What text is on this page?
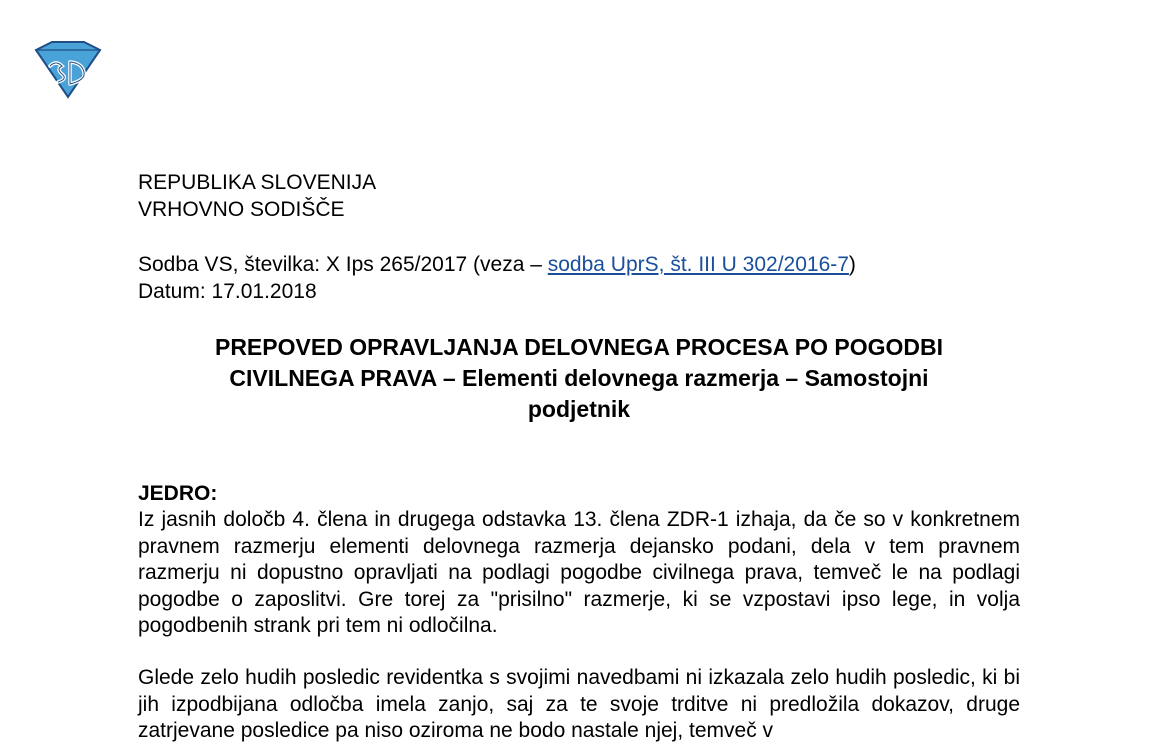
REPUBLIKA SLOVENIJA
VRHOVNO SODIŠČE
Sodba VS, številka: X Ips 265/2017 (veza – sodba UprS, št. III U 302/2016-7)
Datum: 17.01.2018
PREPOVED OPRAVLJANJA DELOVNEGA PROCESA PO POGODBI
CIVILNEGA PRAVA – Elementi delovnega razmerja – Samostojni
podjetnik
JEDRO:
Iz jasnih določb 4. člena in drugega odstavka 13. člena ZDR-1 izhaja, da če so v konkretnem pravnem razmerju elementi delovnega razmerja dejansko podani, dela v tem pravnem razmerju ni dopustno opravljati na podlagi pogodbe civilnega prava, temveč le na podlagi pogodbe o zaposlitvi. Gre torej za "prisilno" razmerje, ki se vzpostavi ipso lege, in volja pogodbenih strank pri tem ni odločilna.
Glede zelo hudih posledic revidentka s svojimi navedbami ni izkazala zelo hudih posledic, ki bi jih izpodbijana odločba imela zanjo, saj za te svoje trditve ni predložila dokazov, druge zatrjevane posledice pa niso oziroma ne bodo nastale njej, temveč v
